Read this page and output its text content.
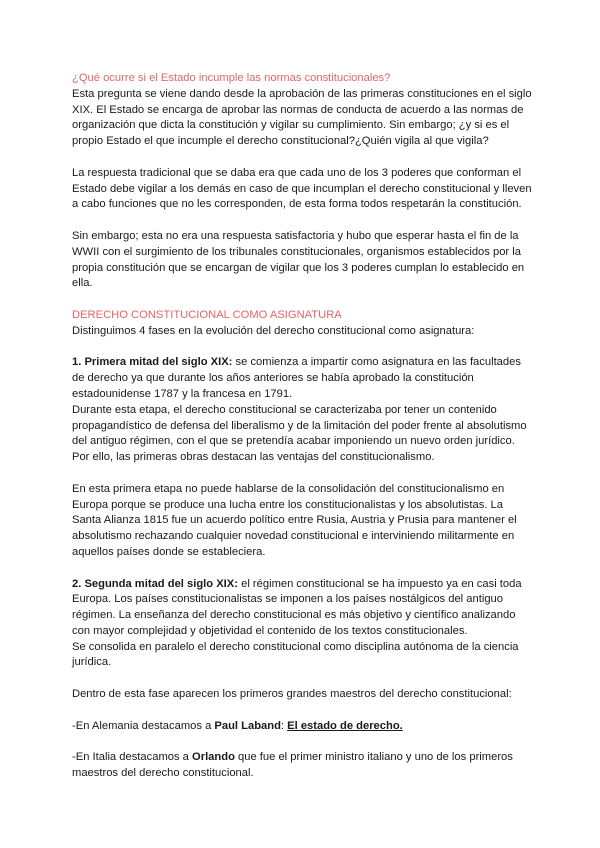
¿Qué ocurre si el Estado incumple las normas constitucionales?

Esta pregunta se viene dando desde la aprobación de las primeras constituciones en el siglo XIX. El Estado se encarga de aprobar las normas de conducta de acuerdo a las normas de organización que dicta la constitución y vigilar su cumplimiento. Sin embargo; ¿y si es el propio Estado el que incumple el derecho constitucional?¿Quién vigila al que vigila?

La respuesta tradicional que se daba era que cada uno de los 3 poderes que conforman el Estado debe vigilar a los demás en caso de que incumplan el derecho constitucional y lleven a cabo funciones que no les corresponden, de esta forma todos respetarán la constitución.

Sin embargo; esta no era una respuesta satisfactoria y hubo que esperar hasta el fin de la WWII con el surgimiento de los tribunales constitucionales, organismos establecidos por la propia constitución que se encargan de vigilar que los 3 poderes cumplan lo establecido en ella.

DERECHO CONSTITUCIONAL COMO ASIGNATURA

Distinguimos 4 fases en la evolución del derecho constitucional como asignatura:

1. Primera mitad del siglo XIX: se comienza a impartir como asignatura en las facultades de derecho ya que durante los años anteriores se había aprobado la constitución estadounidense 1787 y la francesa en 1791.

Durante esta etapa, el derecho constitucional se caracterizaba por tener un contenido propagandístico de defensa del liberalismo y de la limitación del poder frente al absolutismo del antiguo régimen, con el que se pretendía acabar imponiendo un nuevo orden jurídico. Por ello, las primeras obras destacan las ventajas del constitucionalismo.

En esta primera etapa no puede hablarse de la consolidación del constitucionalismo en Europa porque se produce una lucha entre los constitucionalistas y los absolutistas. La Santa Alianza 1815 fue un acuerdo político entre Rusia, Austria y Prusia para mantener el absolutismo rechazando cualquier novedad constitucional e interviniendo militarmente en aquellos países donde se estableciera.

2. Segunda mitad del siglo XIX: el régimen constitucional se ha impuesto ya en casi toda Europa. Los países constitucionalistas se imponen a los países nostálgicos del antiguo régimen. La enseñanza del derecho constitucional es más objetivo y científico analizando con mayor complejidad y objetividad el contenido de los textos constitucionales.

Se consolida en paralelo el derecho constitucional como disciplina autónoma de la ciencia jurídica.

Dentro de esta fase aparecen los primeros grandes maestros del derecho constitucional:

-En Alemania destacamos a Paul Laband: El estado de derecho.

-En Italia destacamos a Orlando que fue el primer ministro italiano y uno de los primeros maestros del derecho constitucional.
